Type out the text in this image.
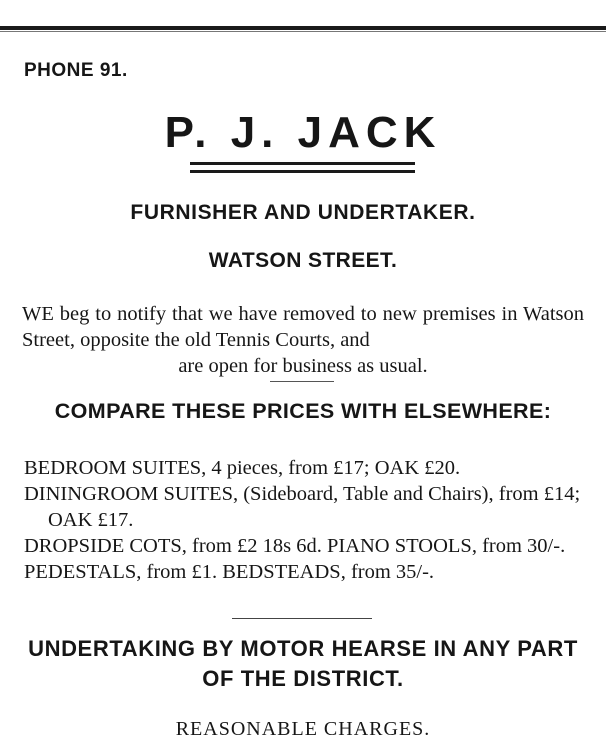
PHONE 91.
P. J. JACK
FURNISHER AND UNDERTAKER.
WATSON STREET.
WE beg to notify that we have removed to new premises in Watson Street, opposite the old Tennis Courts, and
are open for business as usual.
COMPARE THESE PRICES WITH ELSEWHERE:
BEDROOM SUITES, 4 pieces, from £17; OAK £20.
DININGROOM SUITES, (Sideboard, Table and Chairs), from £14; OAK £17.
DROPSIDE COTS, from £2 18s 6d. PIANO STOOLS, from 30/-.
PEDESTALS, from £1. BEDSTEADS, from 35/-.
UNDERTAKING BY MOTOR HEARSE IN ANY PART
OF THE DISTRICT.
REASONABLE CHARGES.
